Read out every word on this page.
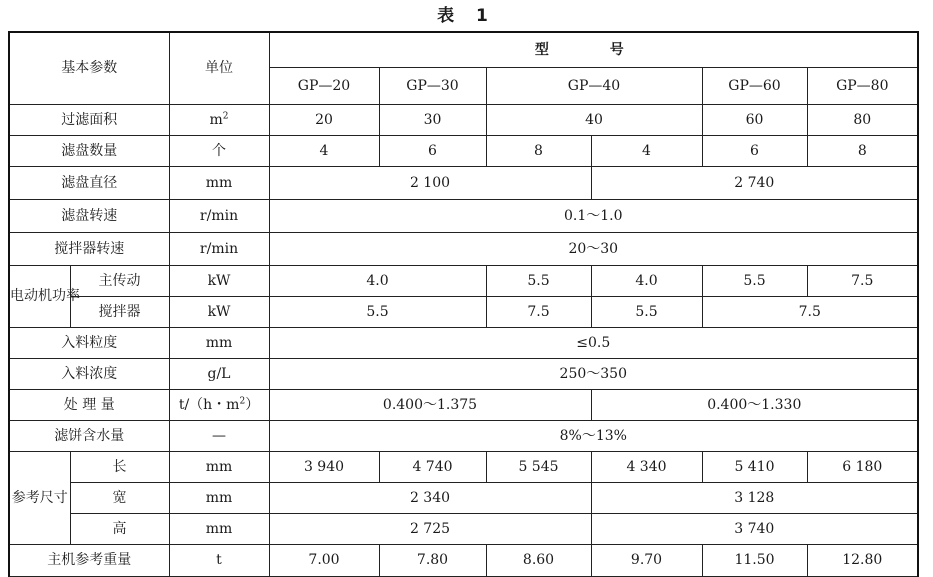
表 1
基本参数		单位	型 号					
			GP—20	GP—30	GP—40		GP—60	GP—80
过滤面积		$m^2$	20	30	40		60	80
滤盘数量		个	4	6	8	4	6	8
滤盘直径		mm	2 100			2 740		
滤盘转速		r/min	0.1～1.0					
搅拌器转速		r/min	20～30					
电动机功率	主传动	kW	4.0		5.5	4.0	5.5	7.5
	搅拌器	kW	5.5		7.5	5.5	7.5	
入料粒度		mm	≤0.5					
入料浓度		g/L	250～350					
处 理 量		t/（h・$m^2$）	0.400～1.375			0.400～1.330		
滤饼含水量		—	8%～13%					
参考尺寸	长	mm	3 940	4 740	5 545	4 340	5 410	6 180
	宽	mm	2 340			3 128		
	高	mm	2 725			3 740		
主机参考重量		t	7.00	7.80	8.60	9.70	11.50	12.80
